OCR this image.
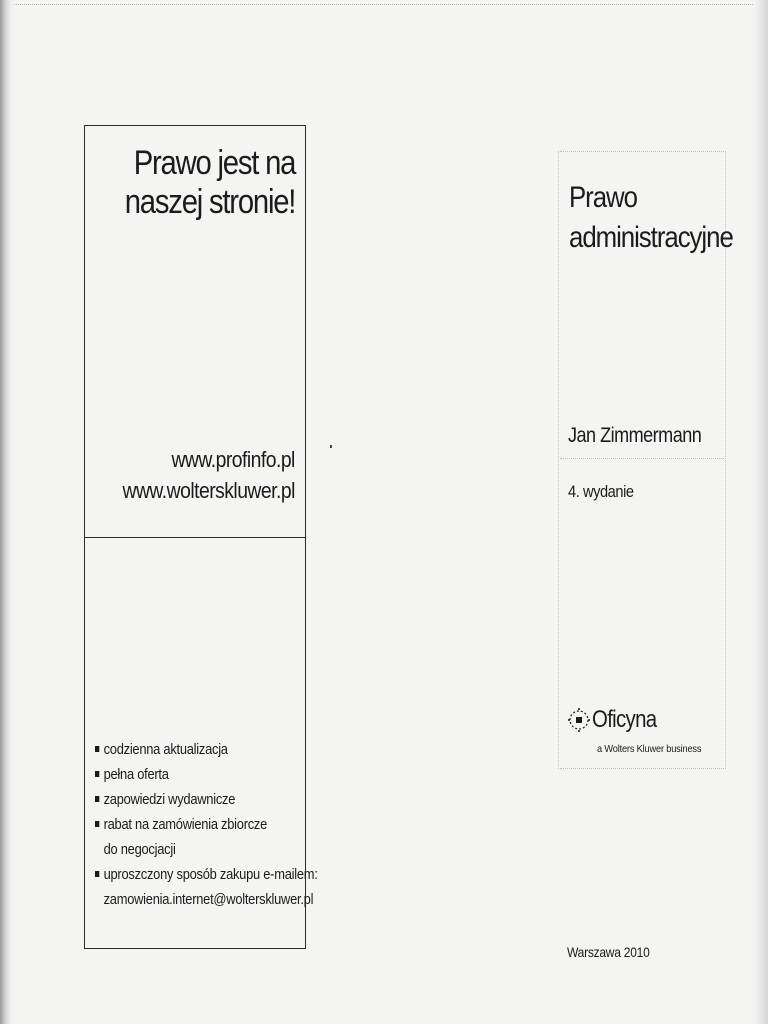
Prawo jest na
naszej stronie!
www.profinfo.pl
www.wolterskluwer.pl
codzienna aktualizacja
pełna oferta
zapowiedzi wydawnicze
rabat na zamówienia zbiorcze
do negocjacji
uproszczony sposób zakupu e-mailem:
zamowienia.internet@wolterskluwer.pl
Prawo
administracyjne
Jan Zimmermann
4. wydanie
Oficyna
a Wolters Kluwer business
Warszawa 2010
